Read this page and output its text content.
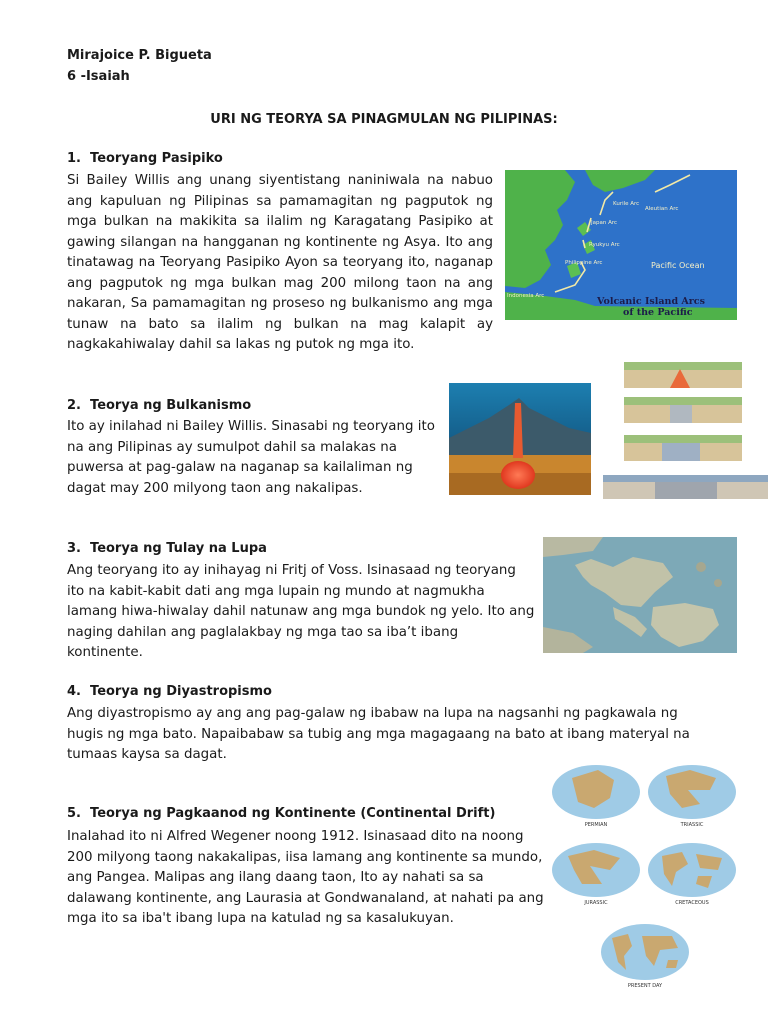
Mirajoice P. Bigueta
6 -Isaiah
URI NG TEORYA SA PINAGMULAN NG PILIPINAS:
1. Teoryang Pasipiko
Si Bailey Willis ang unang siyentistang naniniwala na nabuo ang kapuluan ng Pilipinas sa pamamagitan ng pagputok ng mga bulkan na makikita sa ilalim ng Karagatang Pasipiko at gawing silangan na hangganan ng kontinente ng Asya. Ito ang tinatawag na Teoryang Pasipiko Ayon sa teoryang ito, naganap ang pagputok ng mga bulkan mag 200 milong taon na ang nakaran, Sa pamamagitan ng proseso ng bulkanismo ang mga tunaw na bato sa ilalim ng bulkan na mag kalapit ay nagkakahiwalay dahil sa lakas ng putok ng mga ito.
Kurile Arc
Aleutian Arc
Japan Arc
Ryukyu Arc
Philippine Arc
Indonesia Arc
Pacific Ocean
Volcanic Island Arcs
of the Pacific
2. Teorya ng Bulkanismo
Ito ay inilahad ni Bailey Willis. Sinasabi ng teoryang ito na ang Pilipinas ay sumulpot dahil sa malakas na puwersa at pag-galaw na naganap sa kailaliman ng dagat may 200 milyong taon ang nakalipas.
3. Teorya ng Tulay na Lupa
Ang teoryang ito ay inihayag ni Fritj of Voss. Isinasaad ng teoryang ito na kabit-kabit dati ang mga lupain ng mundo at nagmukha lamang hiwa-hiwalay dahil natunaw ang mga bundok ng yelo. Ito ang naging dahilan ang paglalakbay ng mga tao sa iba’t ibang kontinente.
4. Teorya ng Diyastropismo
Ang diyastropismo ay ang ang pag-galaw ng ibabaw na lupa na nagsanhi ng pagkawala ng hugis ng mga bato. Napaibabaw sa tubig ang mga magagaang na bato at ibang materyal na tumaas kaysa sa dagat.
5. Teorya ng Pagkaanod ng Kontinente (Continental Drift)
Inalahad ito ni Alfred Wegener noong 1912. Isinasaad dito na noong 200 milyong taong nakakalipas, iisa lamang ang kontinente sa mundo, ang Pangea. Malipas ang ilang daang taon, Ito ay nahati sa sa dalawang kontinente, ang Laurasia at Gondwanaland, at nahati pa ang mga ito sa iba't ibang lupa na katulad ng sa kasalukuyan.
PERMIAN	TRIASSIC
JURASSIC	CRETACEOUS
PRESENT DAY
